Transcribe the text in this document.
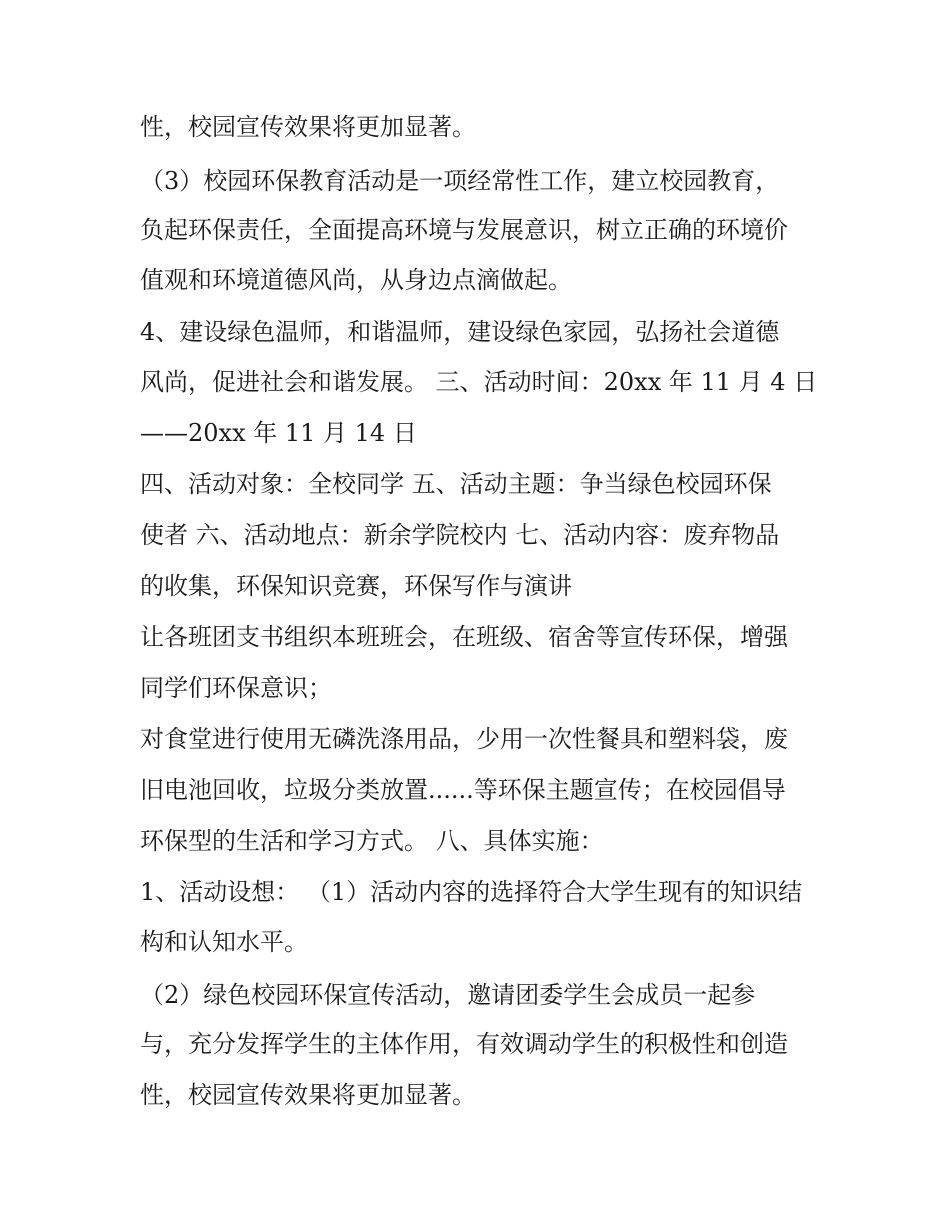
性，校园宣传效果将更加显著。

（3）校园环保教育活动是一项经常性工作，建立校园教育，

负起环保责任，全面提高环境与发展意识，树立正确的环境价

值观和环境道德风尚，从身边点滴做起。

4、建设绿色温师，和谐温师，建设绿色家园，弘扬社会道德

风尚，促进社会和谐发展。 三、活动时间：20xx 年 11 月 4 日

——20xx 年 11 月 14 日

四、活动对象：全校同学 五、活动主题：争当绿色校园环保

使者 六、活动地点：新余学院校内 七、活动内容：废弃物品

的收集，环保知识竞赛，环保写作与演讲

让各班团支书组织本班班会，在班级、宿舍等宣传环保，增强

同学们环保意识；

对食堂进行使用无磷洗涤用品，少用一次性餐具和塑料袋，废

旧电池回收，垃圾分类放置......等环保主题宣传；在校园倡导

环保型的生活和学习方式。 八、具体实施：

1、活动设想： （1）活动内容的选择符合大学生现有的知识结

构和认知水平。

（2）绿色校园环保宣传活动，邀请团委学生会成员一起参

与，充分发挥学生的主体作用，有效调动学生的积极性和创造

性，校园宣传效果将更加显著。
